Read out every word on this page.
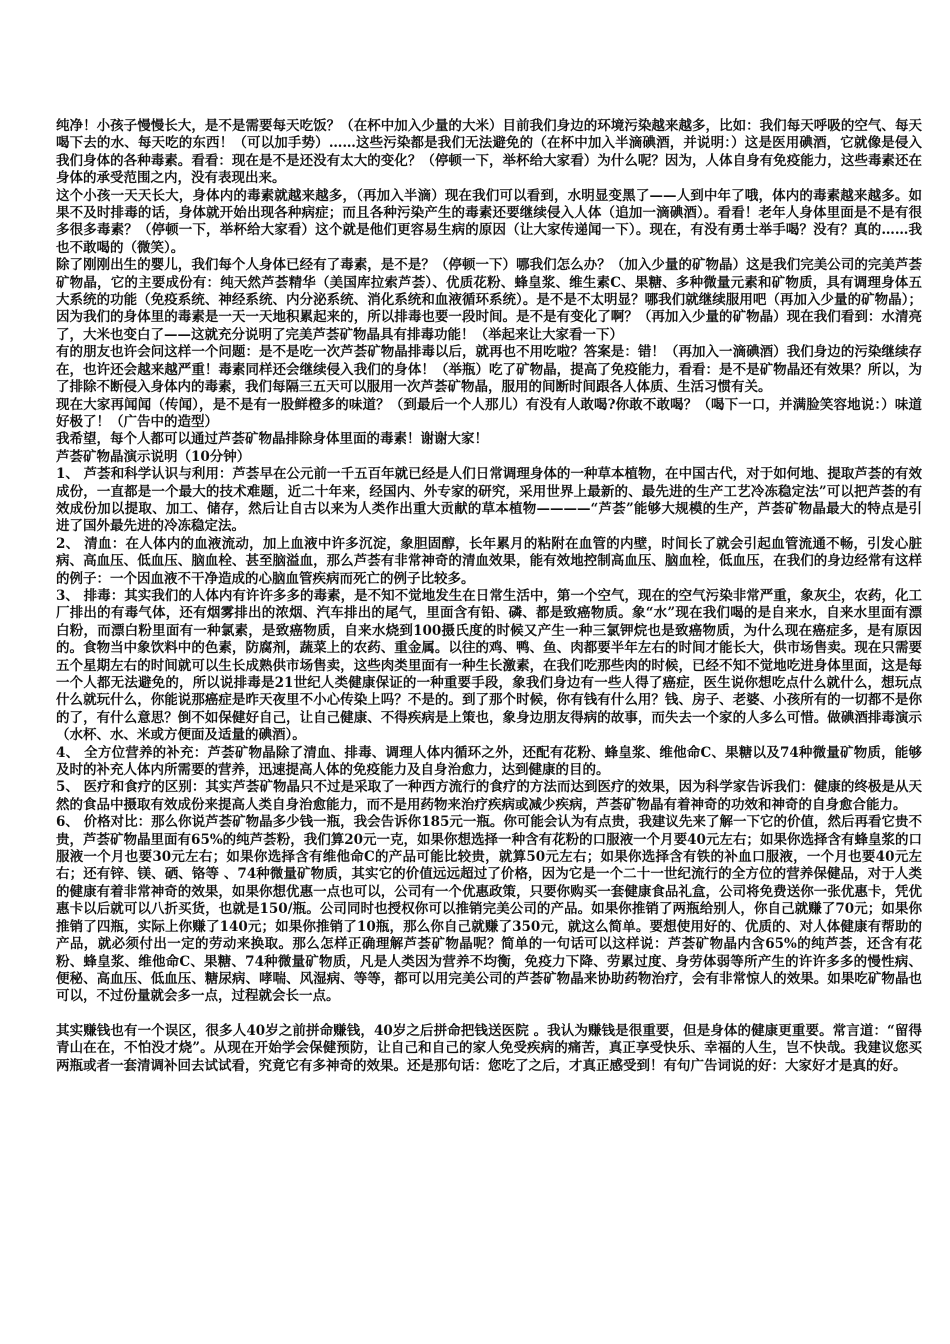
纯净！小孩子慢慢长大，是不是需要每天吃饭？（在杯中加入少量的大米）目前我们身边的环境污染越来越多，比如：我们每天呼吸的空气、每天喝下去的水、每天吃的东西！（可以加手势）……这些污染都是我们无法避免的（在杯中加入半滴碘酒，并说明：）这是医用碘酒，它就像是侵入我们身体的各种毒素。看看：现在是不是还没有太大的变化？（停顿一下，举杯给大家看）为什么呢？因为，人体自身有免疫能力，这些毒素还在身体的承受范围之内，没有表现出来。

这个小孩一天天长大，身体内的毒素就越来越多，（再加入半滴）现在我们可以看到，水明显变黑了——人到中年了哦，体内的毒素越来越多。如果不及时排毒的话，身体就开始出现各种病症；而且各种污染产生的毒素还要继续侵入人体（追加一滴碘酒）。看看！老年人身体里面是不是有很多很多毒素？（停顿一下，举杯给大家看）这个就是他们更容易生病的原因（让大家传递闻一下）。现在，有没有勇士举手喝？没有？真的……我也不敢喝的（微笑）。

除了刚刚出生的婴儿，我们每个人身体已经有了毒素，是不是？（停顿一下）哪我们怎么办？（加入少量的矿物晶）这是我们完美公司的完美芦荟矿物晶，它的主要成份有：纯天然芦荟精华（美国库拉索芦荟）、优质花粉、蜂皇浆、维生素C、果糖、多种微量元素和矿物质，具有调理身体五大系统的功能（免疫系统、神经系统、内分泌系统、消化系统和血液循环系统）。是不是不太明显？哪我们就继续服用吧（再加入少量的矿物晶）；因为我们的身体里的毒素是一天一天地积累起来的，所以排毒也要一段时间。是不是有变化了啊？（再加入少量的矿物晶）现在我们看到：水清亮了，大米也变白了——这就充分说明了完美芦荟矿物晶具有排毒功能！（举起来让大家看一下）

有的朋友也许会问这样一个问题：是不是吃一次芦荟矿物晶排毒以后，就再也不用吃啦？答案是：错！（再加入一滴碘酒）我们身边的污染继续存在，也许还会越来越严重！毒素同样还会继续侵入我们的身体！（举瓶）吃了矿物晶，提高了免疫能力，看看：是不是矿物晶还有效果？所以，为了排除不断侵入身体内的毒素，我们每隔三五天可以服用一次芦荟矿物晶，服用的间断时间跟各人体质、生活习惯有关。

现在大家再闻闻（传闻），是不是有一股鲜橙多的味道？（到最后一个人那儿）有没有人敢喝?你敢不敢喝？（喝下一口，并满脸笑容地说：）味道好极了！（广告中的造型）

我希望，每个人都可以通过芦荟矿物晶排除身体里面的毒素！谢谢大家！

芦荟矿物晶演示说明（10分钟）

1、 芦荟和科学认识与利用：芦荟早在公元前一千五百年就已经是人们日常调理身体的一种草本植物，在中国古代，对于如何地、提取芦荟的有效成份，一直都是一个最大的技术难题，近二十年来，经国内、外专家的研究，采用世界上最新的、最先进的生产工艺冷冻稳定法”可以把芦荟的有效成份加以提取、加工、储存，然后让自古以来为人类作出重大贡献的草本植物————“芦荟”能够大规模的生产，芦荟矿物晶最大的特点是引进了国外最先进的冷冻稳定法。

2、 清血：在人体内的血液流动，加上血液中许多沉淀，象胆固醇，长年累月的粘附在血管的内壁，时间长了就会引起血管流通不畅，引发心脏病、高血压、低血压、脑血栓、甚至脑溢血，那么芦荟有非常神奇的清血效果，能有效地控制高血压、脑血栓，低血压，在我们的身边经常有这样的例子：一个因血液不干净造成的心脑血管疾病而死亡的例子比较多。

3、 排毒：其实我们的人体内有许许多多的毒素，是不知不觉地发生在日常生活中，第一个空气，现在的空气污染非常严重，象灰尘，农药，化工厂排出的有毒气体，还有烟雾排出的浓烟、汽车排出的尾气，里面含有铅、磷、都是致癌物质。象“水”现在我们喝的是自来水，自来水里面有漂白粉，而漂白粉里面有一种氯素，是致癌物质，自来水烧到100摄氏度的时候又产生一种三氯钾烷也是致癌物质，为什么现在癌症多，是有原因的。食物当中象饮料中的色素，防腐剂，蔬菜上的农药、重金属。以往的鸡、鸭、鱼、肉都要半年左右的时间才能长大，供市场售卖。现在只需要五个星期左右的时间就可以生长成熟供市场售卖，这些肉类里面有一种生长激素，在我们吃那些肉的时候，已经不知不觉地吃进身体里面，这是每一个人都无法避免的，所以说排毒是21世纪人类健康保证的一种重要手段，象我们身边有一些人得了癌症，医生说你想吃点什么就什么，想玩点什么就玩什么，你能说那癌症是昨天夜里不小心传染上吗？不是的。到了那个时候，你有钱有什么用？钱、房子、老婆、小孩所有的一切都不是你的了，有什么意思？倒不如保健好自己，让自己健康、不得疾病是上策也，象身边朋友得病的故事，而失去一个家的人多么可惜。做碘酒排毒演示（水杯、水、米或方便面及适量的碘酒）。

4、 全方位营养的补充：芦荟矿物晶除了清血、排毒、调理人体内循环之外，还配有花粉、蜂皇浆、维他命C、果糖以及74种微量矿物质，能够及时的补充人体内所需要的营养，迅速提高人体的免疫能力及自身治愈力，达到健康的目的。

5、 医疗和食疗的区别：其实芦荟矿物晶只不过是采取了一种西方流行的食疗的方法而达到医疗的效果，因为科学家告诉我们：健康的终极是从天然的食品中摄取有效成份来提高人类自身治愈能力，而不是用药物来治疗疾病或减少疾病，芦荟矿物晶有着神奇的功效和神奇的自身愈合能力。

6、 价格对比：那么你说芦荟矿物晶多少钱一瓶，我会告诉你185元一瓶。你可能会认为有点贵，我建议先来了解一下它的价值，然后再看它贵不贵，芦荟矿物晶里面有65%的纯芦荟粉，我们算20元一克，如果你想选择一种含有花粉的口服液一个月要40元左右；如果你选择含有蜂皇浆的口服液一个月也要30元左右；如果你选择含有维他命C的产品可能比较贵，就算50元左右；如果你选择含有铁的补血口服液，一个月也要40元左右；还有锌、镁、硒、铬等 、74种微量矿物质，其实它的价值远远超过了价格，因为它是一个二十一世纪流行的全方位的营养保健品，对于人类的健康有着非常神奇的效果，如果你想优惠一点也可以，公司有一个优惠政策，只要你购买一套健康食品礼盒，公司将免费送你一张优惠卡，凭优惠卡以后就可以八折买货，也就是150/瓶。公司同时也授权你可以推销完美公司的产品。如果你推销了两瓶给别人，你自己就赚了70元；如果你推销了四瓶，实际上你赚了140元；如果你推销了10瓶，那么你自己就赚了350元，就这么简单。要想使用好的、优质的、对人体健康有帮助的产品，就必须付出一定的劳动来换取。那么怎样正确理解芦荟矿物晶呢？简单的一句话可以这样说：芦荟矿物晶内含65%的纯芦荟，还含有花粉、蜂皇浆、维他命C、果糖、74种微量矿物质，凡是人类因为营养不均衡，免疫力下降、劳累过度、身劳体弱等所产生的许许多多的慢性病、便秘、高血压、低血压、糖尿病、哮喘、风湿病、等等，都可以用完美公司的芦荟矿物晶来协助药物治疗，会有非常惊人的效果。如果吃矿物晶也可以，不过份量就会多一点，过程就会长一点。

其实赚钱也有一个误区，很多人40岁之前拼命赚钱，40岁之后拼命把钱送医院 。我认为赚钱是很重要，但是身体的健康更重要。常言道：“留得青山在在，不怕没才烧”。从现在开始学会保健预防，让自己和自己的家人免受疾病的痛苦，真正享受快乐、幸福的人生，岂不快哉。我建议您买两瓶或者一套清调补回去试试看，究竟它有多神奇的效果。还是那句话：您吃了之后，才真正感受到！有句广告词说的好：大家好才是真的好。
